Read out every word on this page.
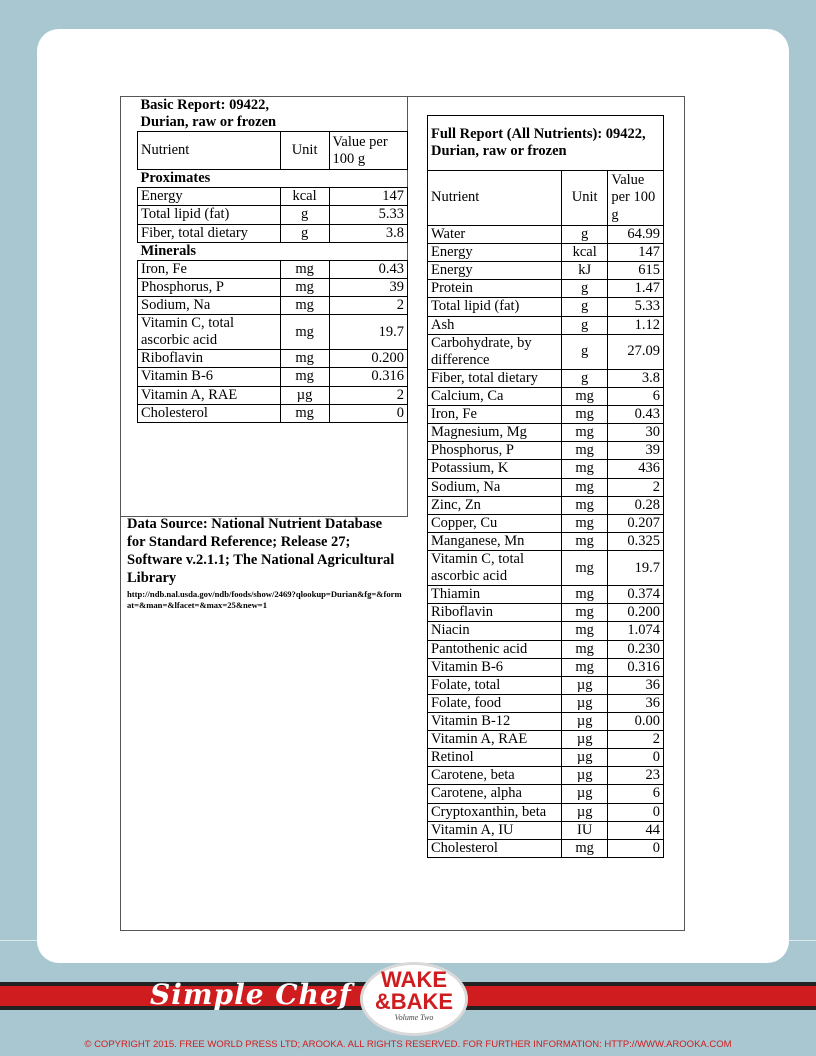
Basic Report: 09422,
Durian, raw or frozen		

Nutrient	Unit	Value per 100 g
Proximates		
Energy	kcal	147
Total lipid (fat)	g	5.33
Fiber, total dietary	g	3.8
Minerals		
Iron, Fe	mg	0.43
Phosphorus, P	mg	39
Sodium, Na	mg	2
Vitamin C, total ascorbic acid	mg	19.7
Riboflavin	mg	0.200
Vitamin B-6	mg	0.316
Vitamin A, RAE	µg	2
Cholesterol	mg	0
Data Source: National Nutrient Database for Standard Reference; Release 27; Software v.2.1.1; The National Agricultural Library
http://ndb.nal.usda.gov/ndb/foods/show/2469?qlookup=Durian&fg=&format=&man=&lfacet=&max=25&new=1
Full Report (All Nutrients): 09422, Durian, raw or frozen		
Nutrient	Unit	Value per 100 g
Water	g	64.99
Energy	kcal	147
Energy	kJ	615
Protein	g	1.47
Total lipid (fat)	g	5.33
Ash	g	1.12
Carbohydrate, by difference	g	27.09
Fiber, total dietary	g	3.8
Calcium, Ca	mg	6
Iron, Fe	mg	0.43
Magnesium, Mg	mg	30
Phosphorus, P	mg	39
Potassium, K	mg	436
Sodium, Na	mg	2
Zinc, Zn	mg	0.28
Copper, Cu	mg	0.207
Manganese, Mn	mg	0.325
Vitamin C, total ascorbic acid	mg	19.7
Thiamin	mg	0.374
Riboflavin	mg	0.200
Niacin	mg	1.074
Pantothenic acid	mg	0.230
Vitamin B-6	mg	0.316
Folate, total	µg	36
Folate, food	µg	36
Vitamin B-12	µg	0.00
Vitamin A, RAE	µg	2
Retinol	µg	0
Carotene, beta	µg	23
Carotene, alpha	µg	6
Cryptoxanthin, beta	µg	0
Vitamin A, IU	IU	44
Cholesterol	mg	0
Simple Chef	WAKE
&BAKE
Volume Two
© COPYRIGHT 2015. FREE WORLD PRESS LTD; AROOKA. ALL RIGHTS RESERVED. FOR FURTHER INFORMATION: HTTP://WWW.AROOKA.COM
